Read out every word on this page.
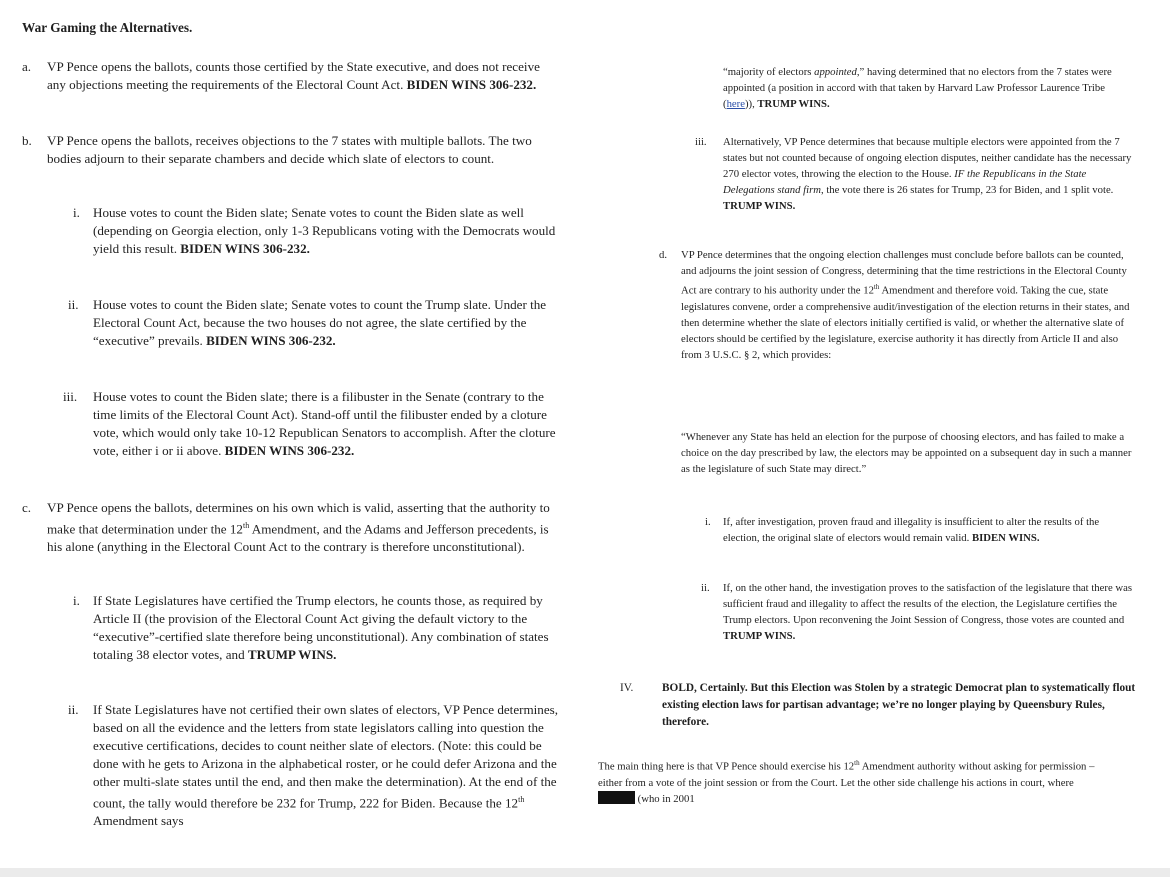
War Gaming the Alternatives.
a. VP Pence opens the ballots, counts those certified by the State executive, and does not receive any objections meeting the requirements of the Electoral Count Act. BIDEN WINS 306-232.
b. VP Pence opens the ballots, receives objections to the 7 states with multiple ballots. The two bodies adjourn to their separate chambers and decide which slate of electors to count.
i. House votes to count the Biden slate; Senate votes to count the Biden slate as well (depending on Georgia election, only 1-3 Republicans voting with the Democrats would yield this result. BIDEN WINS 306-232.
ii. House votes to count the Biden slate; Senate votes to count the Trump slate. Under the Electoral Count Act, because the two houses do not agree, the slate certified by the “executive” prevails. BIDEN WINS 306-232.
iii. House votes to count the Biden slate; there is a filibuster in the Senate (contrary to the time limits of the Electoral Count Act). Stand-off until the filibuster ended by a cloture vote, which would only take 10-12 Republican Senators to accomplish. After the cloture vote, either i or ii above. BIDEN WINS 306-232.
c. VP Pence opens the ballots, determines on his own which is valid, asserting that the authority to make that determination under the 12th Amendment, and the Adams and Jefferson precedents, is his alone (anything in the Electoral Count Act to the contrary is therefore unconstitutional).
i. If State Legislatures have certified the Trump electors, he counts those, as required by Article II (the provision of the Electoral Count Act giving the default victory to the “executive”-certified slate therefore being unconstitutional). Any combination of states totaling 38 elector votes, and TRUMP WINS.
ii. If State Legislatures have not certified their own slates of electors, VP Pence determines, based on all the evidence and the letters from state legislators calling into question the executive certifications, decides to count neither slate of electors. (Note: this could be done with he gets to Arizona in the alphabetical roster, or he could defer Arizona and the other multi-slate states until the end, and then make the determination). At the end of the count, the tally would therefore be 232 for Trump, 222 for Biden. Because the 12th Amendment says
“majority of electors appointed,” having determined that no electors from the 7 states were appointed (a position in accord with that taken by Harvard Law Professor Laurence Tribe (here)), TRUMP WINS.
iii. Alternatively, VP Pence determines that because multiple electors were appointed from the 7 states but not counted because of ongoing election disputes, neither candidate has the necessary 270 elector votes, throwing the election to the House. IF the Republicans in the State Delegations stand firm, the vote there is 26 states for Trump, 23 for Biden, and 1 split vote. TRUMP WINS.
d. VP Pence determines that the ongoing election challenges must conclude before ballots can be counted, and adjourns the joint session of Congress, determining that the time restrictions in the Electoral County Act are contrary to his authority under the 12th Amendment and therefore void. Taking the cue, state legislatures convene, order a comprehensive audit/investigation of the election returns in their states, and then determine whether the slate of electors initially certified is valid, or whether the alternative slate of electors should be certified by the legislature, exercise authority it has directly from Article II and also from 3 U.S.C. § 2, which provides:
“Whenever any State has held an election for the purpose of choosing electors, and has failed to make a choice on the day prescribed by law, the electors may be appointed on a subsequent day in such a manner as the legislature of such State may direct.”
i. If, after investigation, proven fraud and illegality is insufficient to alter the results of the election, the original slate of electors would remain valid. BIDEN WINS.
ii. If, on the other hand, the investigation proves to the satisfaction of the legislature that there was sufficient fraud and illegality to affect the results of the election, the Legislature certifies the Trump electors. Upon reconvening the Joint Session of Congress, those votes are counted and TRUMP WINS.
IV.	BOLD, Certainly. But this Election was Stolen by a strategic Democrat plan to systematically flout existing election laws for partisan advantage; we’re no longer playing by Queensbury Rules, therefore.
The main thing here is that VP Pence should exercise his 12th Amendment authority without asking for permission – either from a vote of the joint session or from the Court. Let the other side challenge his actions in court, where  (who in 2001
